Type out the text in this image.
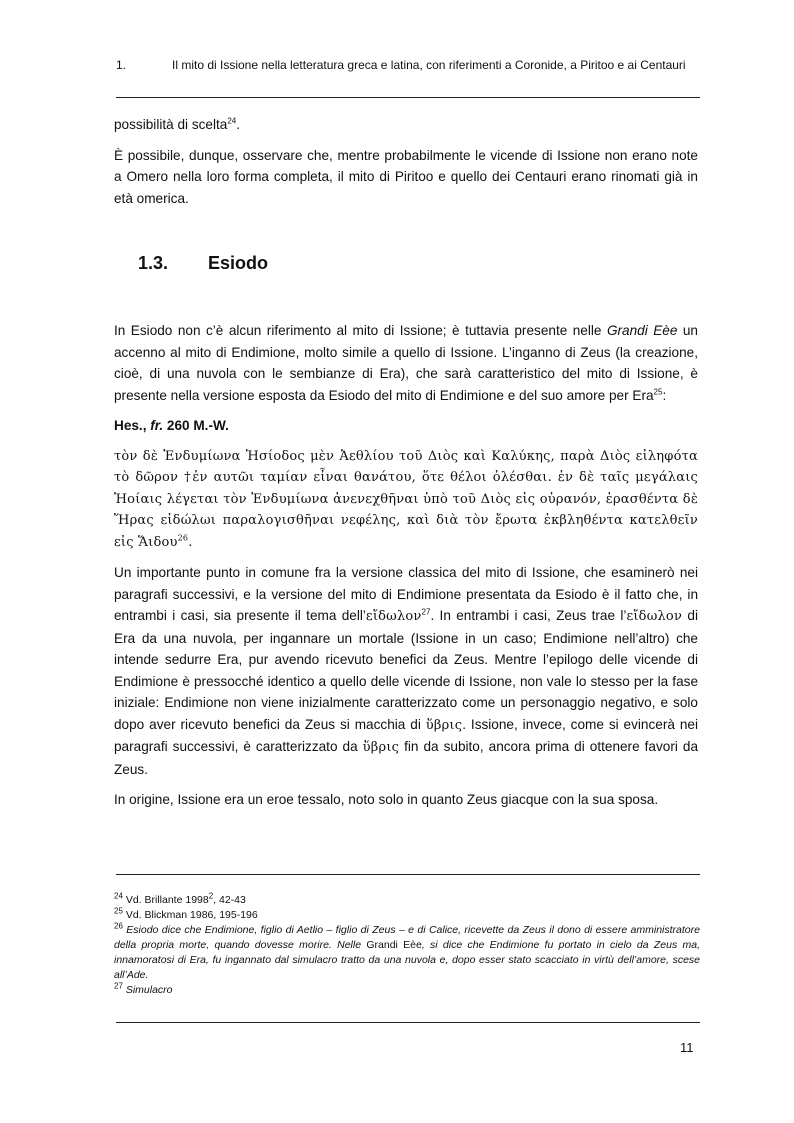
1.	Il mito di Issione nella letteratura greca e latina, con riferimenti a Coronide, a Piritoo e ai Centauri

possibilità di scelta$^{24}$.

È possibile, dunque, osservare che, mentre probabilmente le vicende di Issione non erano note a Omero nella loro forma completa, il mito di Piritoo e quello dei Centauri erano rinomati già in età omerica.

In Esiodo non c’è alcun riferimento al mito di Issione; è tuttavia presente nelle Grandi Eèe un accenno al mito di Endimione, molto simile a quello di Issione. L’inganno di Zeus (la creazione, cioè, di una nuvola con le sembianze di Era), che sarà caratteristico del mito di Issione, è presente nella versione esposta da Esiodo del mito di Endimione e del suo amore per Era$^{25}$:

Hes., fr. 260 M.-W.

τὸν δὲ Ἐνδυμίωνα Ἡσίοδος μὲν Ἀεθλίου τοῦ Διὸς καὶ Καλύκης, παρὰ Διὸς εἰληφότα τὸ δῶρον †ἐν αυτῶι ταμίαν εἶναι θανάτου, ὅτε θέλοι ὀλέσθαι. ἐν δὲ ταῖς μεγάλαις Ἠοίαις λέγεται τὸν Ἐνδυμίωνα ἀνενεχθῆναι ὑπὸ τοῦ Διὸς εἰς οὐρανόν, ἐρασθέντα δὲ Ἥρας εἰδώλωι παραλογισθῆναι νεφέλης, καὶ διὰ τὸν ἔρωτα ἐκβληθέντα κατελθεῖν εἰς Ἅιδου$^{26}$.

Un importante punto in comune fra la versione classica del mito di Issione, che esaminerò nei paragrafi successivi, e la versione del mito di Endimione presentata da Esiodo è il fatto che, in entrambi i casi, sia presente il tema dell’εἴδωλον$^{27}$. In entrambi i casi, Zeus trae l’εἴδωλον di Era da una nuvola, per ingannare un mortale (Issione in un caso; Endimione nell’altro) che intende sedurre Era, pur avendo ricevuto benefici da Zeus. Mentre l’epilogo delle vicende di Endimione è pressocché identico a quello delle vicende di Issione, non vale lo stesso per la fase iniziale: Endimione non viene inizialmente caratterizzato come un personaggio negativo, e solo dopo aver ricevuto benefici da Zeus si macchia di ὕβρις. Issione, invece, come si evincerà nei paragrafi successivi, è caratterizzato da ὕβρις fin da subito, ancora prima di ottenere favori da Zeus.

In origine, Issione era un eroe tessalo, noto solo in quanto Zeus giacque con la sua sposa.

1.3.	Esiodo
$^{24}$ Vd. Brillante 1998$^2$, 42-43
$^{25}$ Vd. Blickman 1986, 195-196
$^{26}$ Esiodo dice che Endimione, figlio di Aetlio – figlio di Zeus – e di Calice, ricevette da Zeus il dono di essere amministratore della propria morte, quando dovesse morire. Nelle Grandi Eèe, si dice che Endimione fu portato in cielo da Zeus ma, innamoratosi di Era, fu ingannato dal simulacro tratto da una nuvola e, dopo esser stato scacciato in virtù dell’amore, scese all’Ade.
$^{27}$ Simulacro
11
